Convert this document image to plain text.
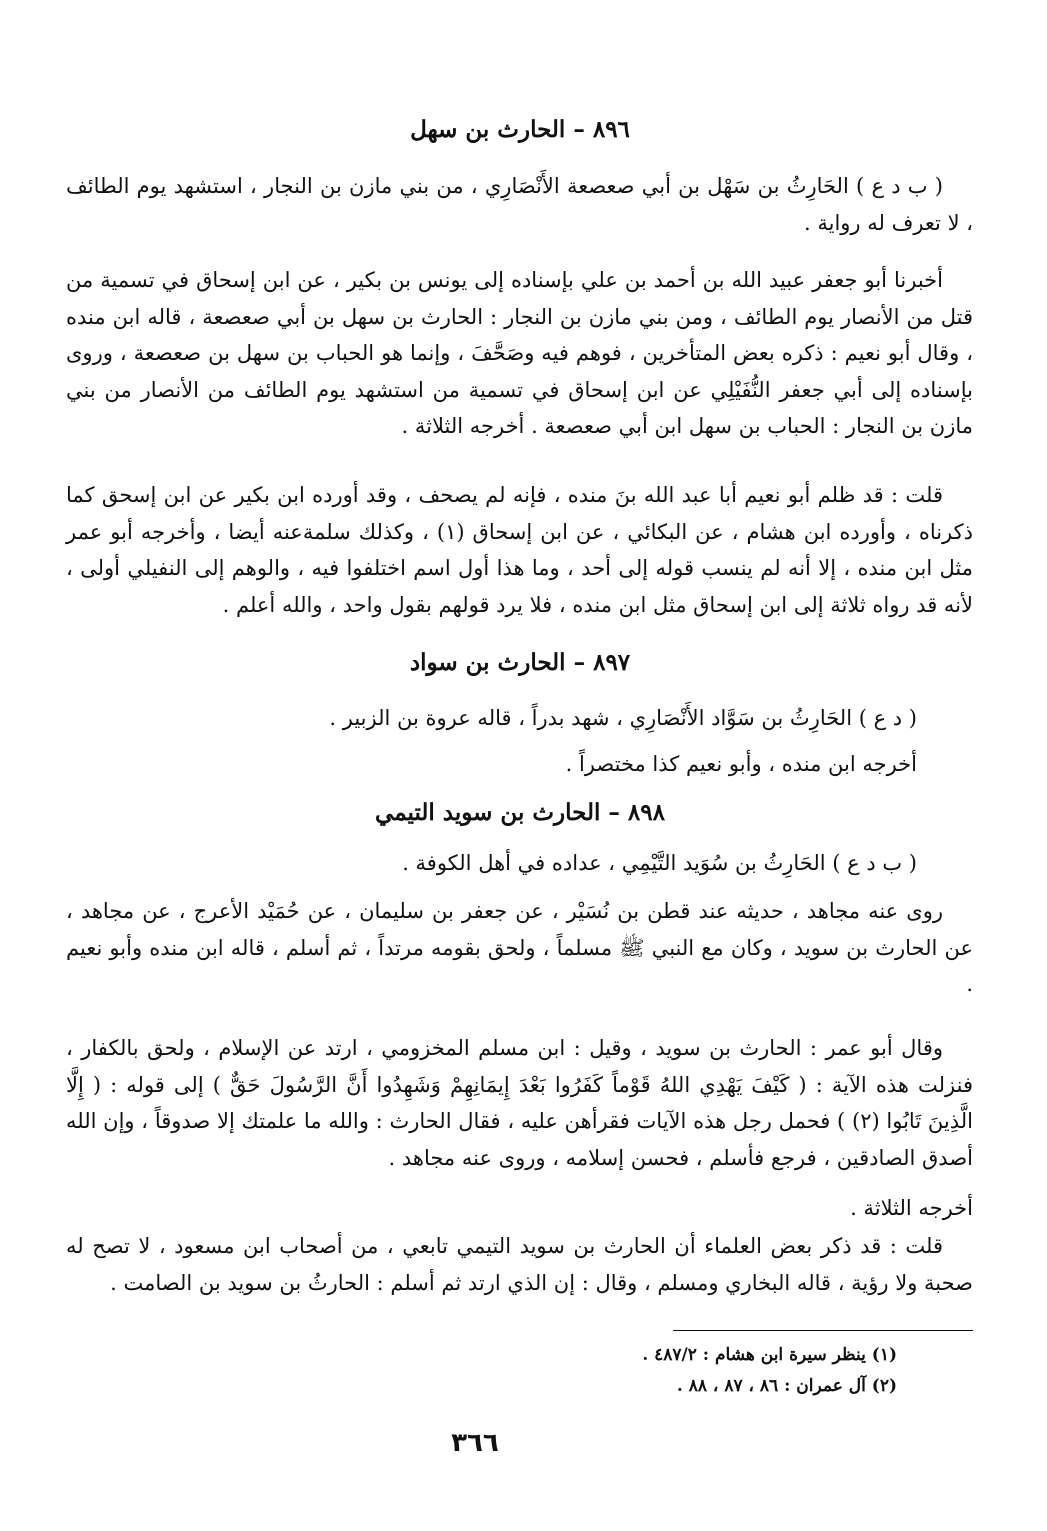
٨٩٦ – الحارث بن سهل
( ب د ع ) الحَارِثُ بن سَهْل بن أبي صعصعة الأَنْصَارِي ، من بني مازن بن النجار ، استشهد يوم الطائف ، لا تعرف له رواية .
أخبرنا أبو جعفر عبيد الله بن أحمد بن علي بإسناده إلى يونس بن بكير ، عن ابن إسحاق في تسمية من قتل من الأنصار يوم الطائف ، ومن بني مازن بن النجار : الحارث بن سهل بن أبي صعصعة ، قاله ابن منده ، وقال أبو نعيم : ذكره بعض المتأخرين ، فوهم فيه وصَحَّفَ ، وإنما هو الحباب بن سهل بن صعصعة ، وروى بإسناده إلى أبي جعفر النُّفَيْلِي عن ابن إسحاق في تسمية من استشهد يوم الطائف من الأنصار من بني مازن بن النجار : الحباب بن سهل ابن أبي صعصعة . أخرجه الثلاثة .
قلت : قد ظلم أبو نعيم أبا عبد الله بنَ منده ، فإنه لم يصحف ، وقد أورده ابن بكير عن ابن إسحق كما ذكرناه ، وأورده ابن هشام ، عن البكائي ، عن ابن إسحاق (١) ، وكذلك سلمةعنه أيضا ، وأخرجه أبو عمر مثل ابن منده ، إلا أنه لم ينسب قوله إلى أحد ، وما هذا أول اسم اختلفوا فيه ، والوهم إلى النفيلي أولى ، لأنه قد رواه ثلاثة إلى ابن إسحاق مثل ابن منده ، فلا يرد قولهم بقول واحد ، والله أعلم .
٨٩٧ – الحارث بن سواد
( د ع ) الحَارِثُ بن سَوَّاد الأَنْصَارِي ، شهد بدراً ، قاله عروة بن الزبير .
أخرجه ابن منده ، وأبو نعيم كذا مختصراً .
٨٩٨ – الحارث بن سويد التيمي
( ب د ع ) الحَارِثُ بن سُوَيد التَّيْمِي ، عداده في أهل الكوفة .
روى عنه مجاهد ، حديثه عند قطن بن نُسَيْر ، عن جعفر بن سليمان ، عن حُمَيْد الأعرج ، عن مجاهد ، عن الحارث بن سويد ، وكان مع النبي ﷺ مسلماً ، ولحق بقومه مرتداً ، ثم أسلم ، قاله ابن منده وأبو نعيم .
وقال أبو عمر : الحارث بن سويد ، وقيل : ابن مسلم المخزومي ، ارتد عن الإسلام ، ولحق بالكفار ، فنزلت هذه الآية : ( كَيْفَ يَهْدِي اللهُ قَوْماً كَفَرُوا بَعْدَ إِيمَانِهِمْ وَشَهِدُوا أَنَّ الرَّسُولَ حَقٌّ ) إلى قوله : ( إِلَّا الَّذِينَ تَابُوا (٢) ) فحمل رجل هذه الآيات فقرأهن عليه ، فقال الحارث : والله ما علمتك إلا صدوقاً ، وإن الله أصدق الصادقين ، فرجع فأسلم ، فحسن إسلامه ، وروى عنه مجاهد .
أخرجه الثلاثة .
قلت : قد ذكر بعض العلماء أن الحارث بن سويد التيمي تابعي ، من أصحاب ابن مسعود ، لا تصح له صحبة ولا رؤية ، قاله البخاري ومسلم ، وقال : إن الذي ارتد ثم أسلم : الحارثُ بن سويد بن الصامت .
(١) ينظر سيرة ابن هشام : ٤٨٧/٢ .
(٢) آل عمران : ٨٦ ، ٨٧ ، ٨٨ .
٣٦٦
